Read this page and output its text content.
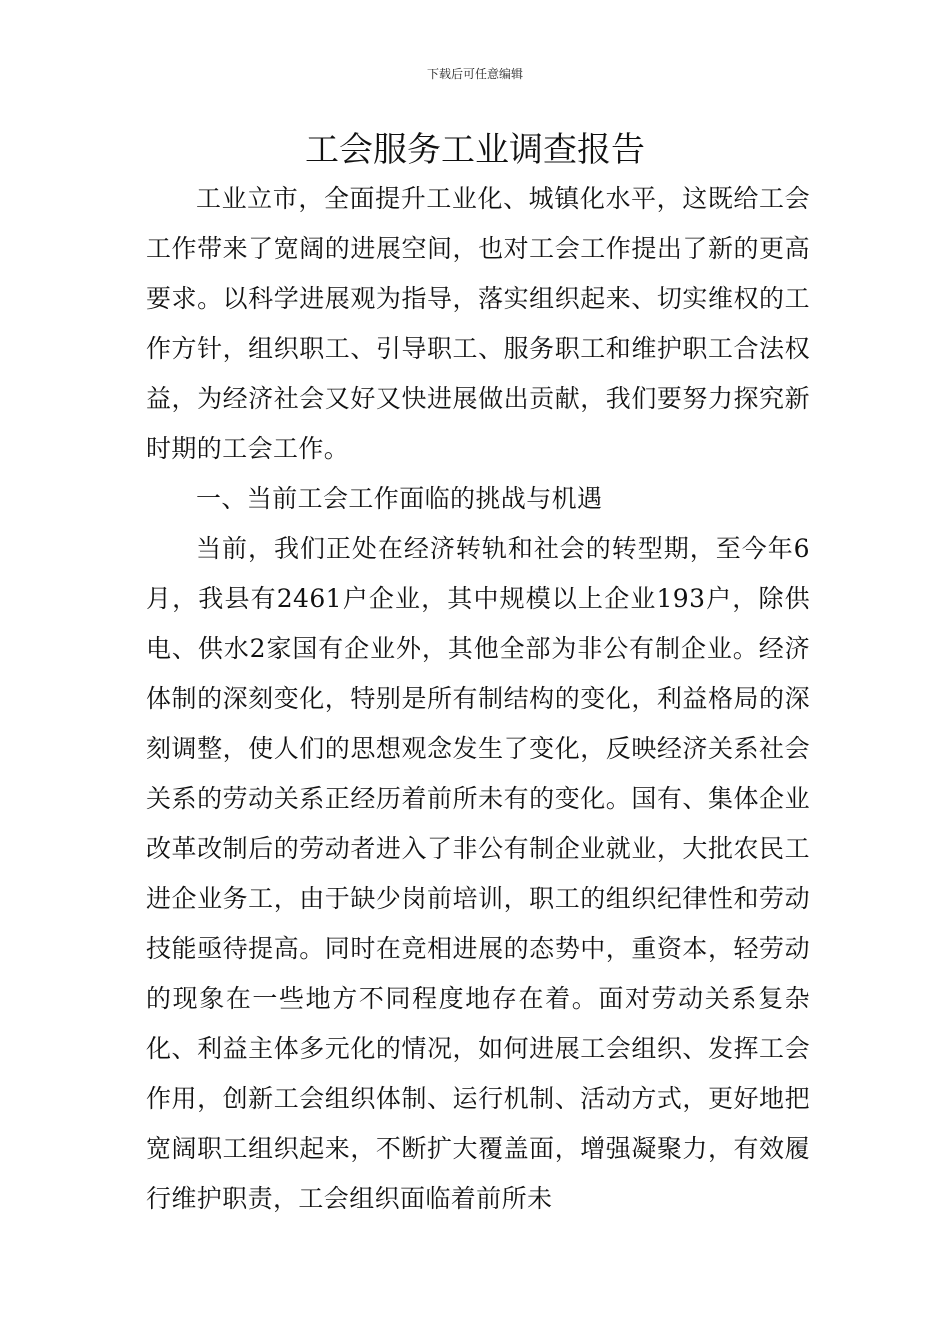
下载后可任意编辑
工会服务工业调查报告

工业立市，全面提升工业化、城镇化水平，这既给工会工作带来了宽阔的进展空间，也对工会工作提出了新的更高要求。以科学进展观为指导，落实组织起来、切实维权的工作方针，组织职工、引导职工、服务职工和维护职工合法权益，为经济社会又好又快进展做出贡献，我们要努力探究新时期的工会工作。

一、当前工会工作面临的挑战与机遇

当前，我们正处在经济转轨和社会的转型期，至今年6月，我县有2461户企业，其中规模以上企业193户，除供电、供水2家国有企业外，其他全部为非公有制企业。经济体制的深刻变化，特别是所有制结构的变化，利益格局的深刻调整，使人们的思想观念发生了变化，反映经济关系社会关系的劳动关系正经历着前所未有的变化。国有、集体企业改革改制后的劳动者进入了非公有制企业就业，大批农民工进企业务工，由于缺少岗前培训，职工的组织纪律性和劳动技能亟待提高。同时在竞相进展的态势中，重资本，轻劳动的现象在一些地方不同程度地存在着。面对劳动关系复杂化、利益主体多元化的情况，如何进展工会组织、发挥工会作用，创新工会组织体制、运行机制、活动方式，更好地把宽阔职工组织起来，不断扩大覆盖面，增强凝聚力，有效履行维护职责，工会组织面临着前所未
